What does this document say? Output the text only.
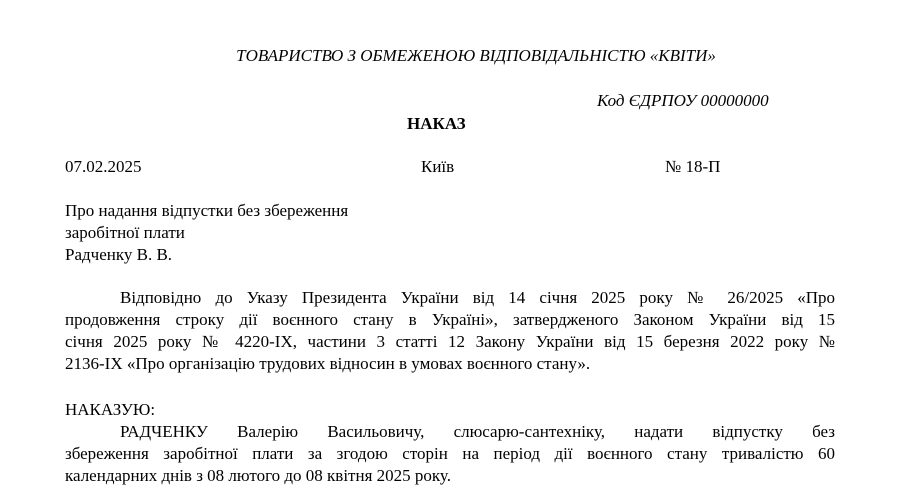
ТОВАРИСТВО З ОБМЕЖЕНОЮ ВІДПОВІДАЛЬНІСТЮ «КВІТИ»
Код ЄДРПОУ 00000000
НАКАЗ
07.02.2025	Київ	№ 18-П
Про надання відпустки без збереження
заробітної плати
Радченку В. В.
Відповідно до Указу Президента України від 14 січня 2025 року № 26/2025 «Про
продовження строку дії воєнного стану в Україні», затвердженого Законом України від 15
січня 2025 року № 4220-IX, частини 3 статті 12 Закону України від 15 березня 2022 року №
2136-IX «Про організацію трудових відносин в умовах воєнного стану».
НАКАЗУЮ:
РАДЧЕНКУ Валерію Васильовичу, слюсарю-сантехніку, надати відпустку без
збереження заробітної плати за згодою сторін на період дії воєнного стану тривалістю 60
календарних днів з 08 лютого до 08 квітня 2025 року.
